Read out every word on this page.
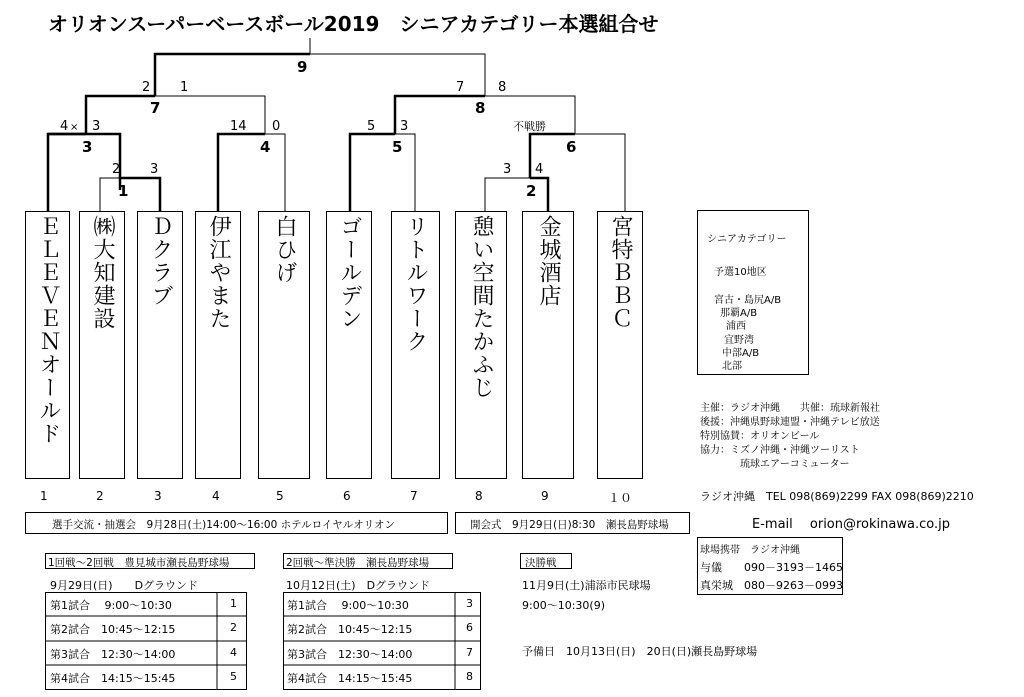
オリオンスーパーベースボール2019　シニアカテゴリー本選組合せ
2 3
1
3 4
2
4 × 3
3
14 0
4
5 3
5
不戦勝
6
2 1
7
7	8
8
9
ＥＬＥＶＥＮオールド ㈱大知建設 Ｄクラブ 伊江やまた 白ひげ ゴールデン リトルワーク 憩い空間たかふじ 金城酒店 宮特ＢＢＣ
1	2	3	4	5	6	7	8	9	１０
シニアカテゴリー
予選10地区
宮古・島尻A/B
那覇A/B
浦西
宜野湾
中部A/B
北部
主催：ラジオ沖縄　　共催：琉球新報社
後援：沖縄県野球連盟・沖縄テレビ放送
特別協賛：オリオンビール
協力：ミズノ沖縄・沖縄ツーリスト
　　　　琉球エアーコミューター
ラジオ沖縄　TEL 098(869)2299 FAX 098(869)2210
E-mail　 orion@rokinawa.co.jp
選手交流・抽選会　9月28日(土)14:00～16:00 ホテルロイヤルオリオン	開会式　9月29日(日)8:30　瀬長島野球場
球場携帯　ラジオ沖縄
与儀　　090－3193－1465
真栄城　080－9263－0993
1回戦～2回戦　豊見城市瀬長島野球場
9月29日(日)　　Dグラウンド
第1試合　 9:00～10:30	1
第2試合　10:45～12:15	2
第3試合　12:30～14:00	4
第4試合　14:15～15:45	5
2回戦～準決勝　瀬長島野球場
10月12日(土)　Dグラウンド
第1試合　 9:00～10:30	3
第2試合　10:45～12:15	6
第3試合　12:30～14:00	7
第4試合　14:15～15:45	8
決勝戦
11月9日(土)浦添市民球場
9:00～10:30(9)
予備日　10月13日(日)　20日(日)瀬長島野球場
